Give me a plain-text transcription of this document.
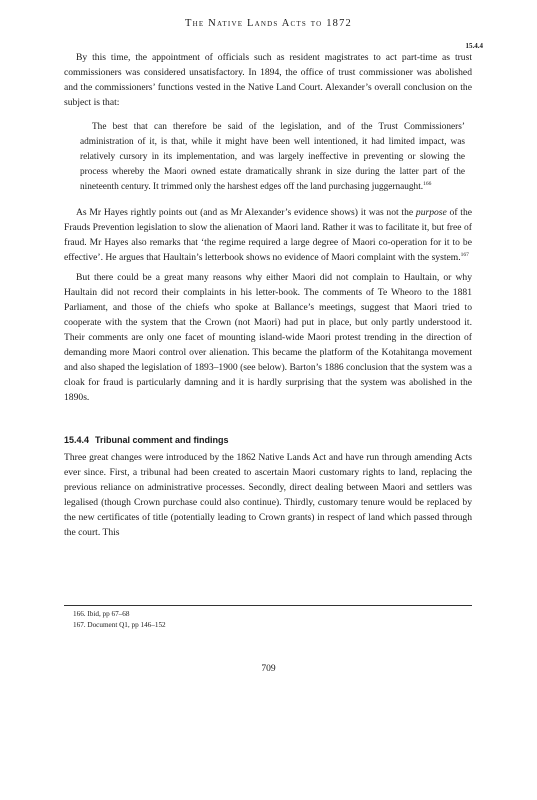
The Native Lands Acts to 1872
15.4.4

By this time, the appointment of officials such as resident magistrates to act part-time as trust commissioners was considered unsatisfactory. In 1894, the office of trust commissioner was abolished and the commissioners’ functions vested in the Native Land Court. Alexander’s overall conclusion on the subject is that:

The best that can therefore be said of the legislation, and of the Trust Commissioners’ administration of it, is that, while it might have been well intentioned, it had limited impact, was relatively cursory in its implementation, and was largely ineffective in preventing or slowing the process whereby the Maori owned estate dramatically shrank in size during the latter part of the nineteenth century. It trimmed only the harshest edges off the land purchasing juggernaught.$^{166}$

As Mr Hayes rightly points out (and as Mr Alexander’s evidence shows) it was not the purpose of the Frauds Prevention legislation to slow the alienation of Maori land. Rather it was to facilitate it, but free of fraud. Mr Hayes also remarks that ‘the regime required a large degree of Maori co-operation for it to be effective’. He argues that Haultain’s letterbook shows no evidence of Maori complaint with the system.$^{167}$

But there could be a great many reasons why either Maori did not complain to Haultain, or why Haultain did not record their complaints in his letter-book. The comments of Te Wheoro to the 1881 Parliament, and those of the chiefs who spoke at Ballance’s meetings, suggest that Maori tried to cooperate with the system that the Crown (not Maori) had put in place, but only partly understood it. Their comments are only one facet of mounting island-wide Maori protest trending in the direction of demanding more Maori control over alienation. This became the platform of the Kotahitanga movement and also shaped the legislation of 1893–1900 (see below). Barton’s 1886 conclusion that the system was a cloak for fraud is particularly damning and it is hardly surprising that the system was abolished in the 1890s.

15.4.4 Tribunal comment and findings

Three great changes were introduced by the 1862 Native Lands Act and have run through amending Acts ever since. First, a tribunal had been created to ascertain Maori customary rights to land, replacing the previous reliance on administrative processes. Secondly, direct dealing between Maori and settlers was legalised (though Crown purchase could also continue). Thirdly, customary tenure would be replaced by the new certificates of title (potentially leading to Crown grants) in respect of land which passed through the court. This

166. Ibid, pp 67–68
167. Document Q1, pp 146–152
709
